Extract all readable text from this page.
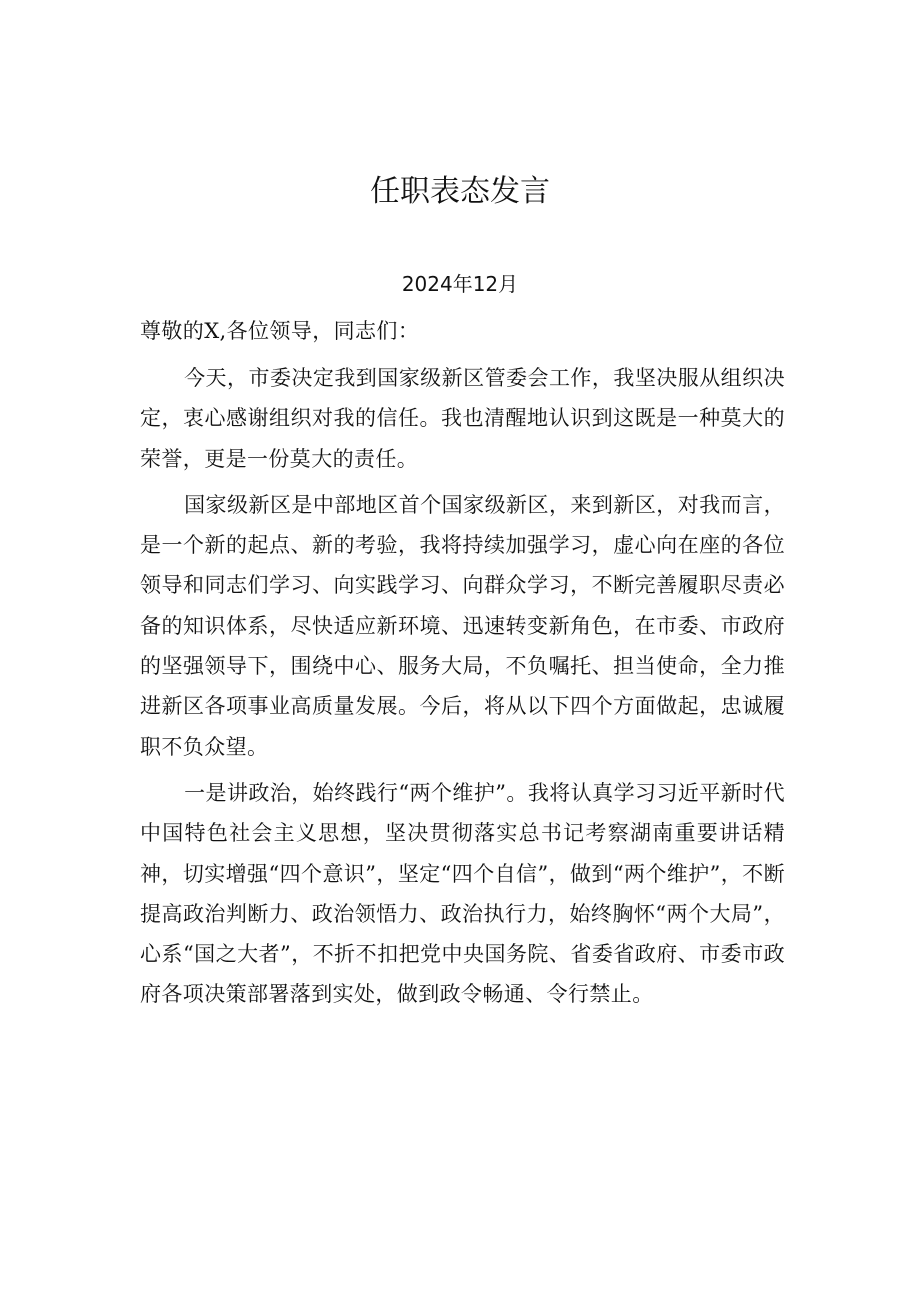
任职表态发言
2024年12月

尊敬的X,各位领导，同志们：

今天，市委决定我到国家级新区管委会工作，我坚决服从组织决定，衷心感谢组织对我的信任。我也清醒地认识到这既是一种莫大的荣誉，更是一份莫大的责任。

国家级新区是中部地区首个国家级新区，来到新区，对我而言，是一个新的起点、新的考验，我将持续加强学习，虚心向在座的各位领导和同志们学习、向实践学习、向群众学习，不断完善履职尽责必备的知识体系，尽快适应新环境、迅速转变新角色，在市委、市政府的坚强领导下，围绕中心、服务大局，不负嘱托、担当使命，全力推进新区各项事业高质量发展。今后，将从以下四个方面做起，忠诚履职不负众望。

一是讲政治，始终践行“两个维护”。我将认真学习习近平新时代中国特色社会主义思想，坚决贯彻落实总书记考察湖南重要讲话精神，切实增强“四个意识”，坚定“四个自信”，做到“两个维护”，不断提高政治判断力、政治领悟力、政治执行力，始终胸怀“两个大局”，心系“国之大者”，不折不扣把党中央国务院、省委省政府、市委市政府各项决策部署落到实处，做到政令畅通、令行禁止。
